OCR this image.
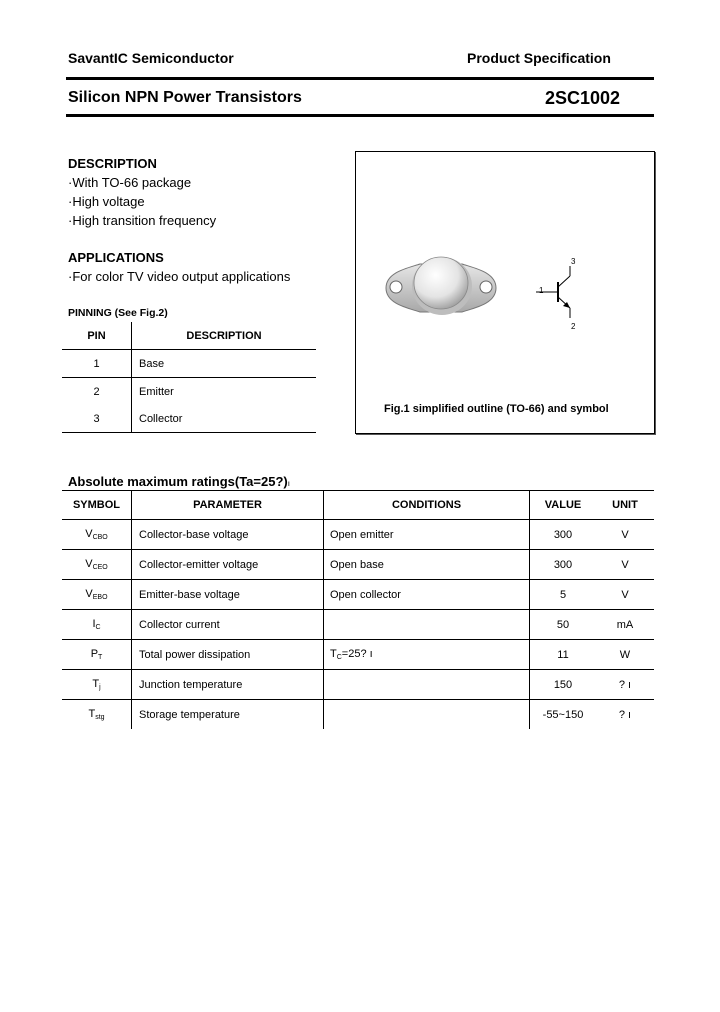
SavantIC Semiconductor	Product Specification
Silicon NPN Power Transistors	2SC1002
DESCRIPTION
·With TO-66 package
·High voltage
·High transition frequency
APPLICATIONS
·For color TV video output applications
PINNING (See Fig.2)
PIN	DESCRIPTION
1	Base
2	Emitter
3	Collector
3
1
2
Fig.1 simplified outline (TO-66) and symbol
Absolute maximum ratings(Ta=25?)ı
SYMBOL	PARAMETER	CONDITIONS	VALUE	UNIT
VCBO	Collector-base voltage	Open emitter	300	V
VCEO	Collector-emitter voltage	Open base	300	V
VEBO	Emitter-base voltage	Open collector	5	V
IC	Collector current		50	mA
PT	Total power dissipation	TC=25? ı	11	W
Tj	Junction temperature		150	? ı
Tstg	Storage temperature		-55~150	? ı
